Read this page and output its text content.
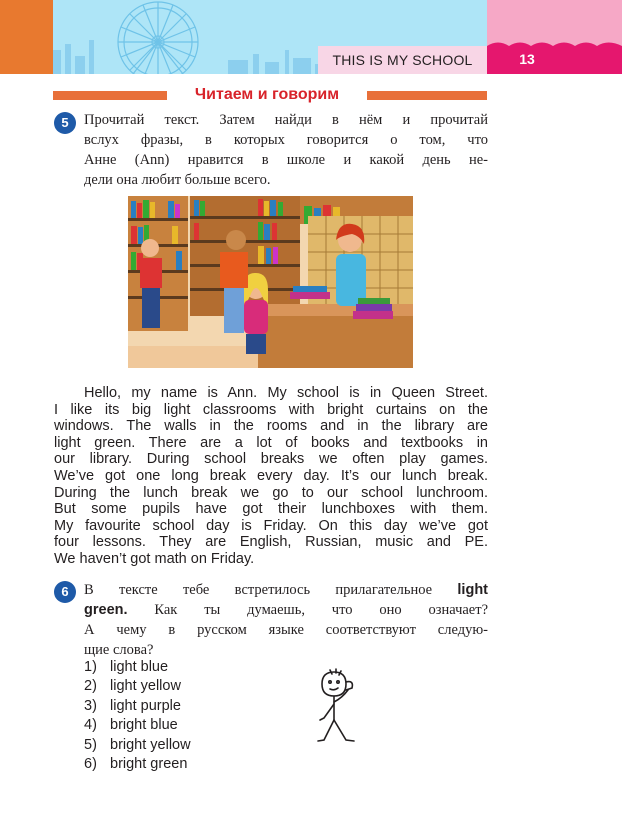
THIS IS MY SCHOOL	13
Читаем и говорим
5	Прочитай текст. Затем найди в нём и прочитай
вслух фразы, в которых говорится о том, что
Анне (Ann) нравится в школе и какой день не-
дели она любит больше всего.
Hello, my name is Ann. My school is in Queen Street.
I like its big light classrooms with bright curtains on the
windows. The walls in the rooms and in the library are
light green. There are a lot of books and textbooks in
our library. During school breaks we often play games.
We’ve got one long break every day. It’s our lunch break.
During the lunch break we go to our school lunchroom.
But some pupils have got their lunchboxes with them.
My favourite school day is Friday. On this day we’ve got
four lessons. They are English, Russian, music and PE.
We haven’t got math on Friday.
6	В тексте тебе встретилось прилагательное light
green. Как ты думаешь, что оно означает?
А чему в русском языке соответствуют следую-
щие слова?
1) light blue
2) light yellow
3) light purple
4) bright blue
5) bright yellow
6) bright green
